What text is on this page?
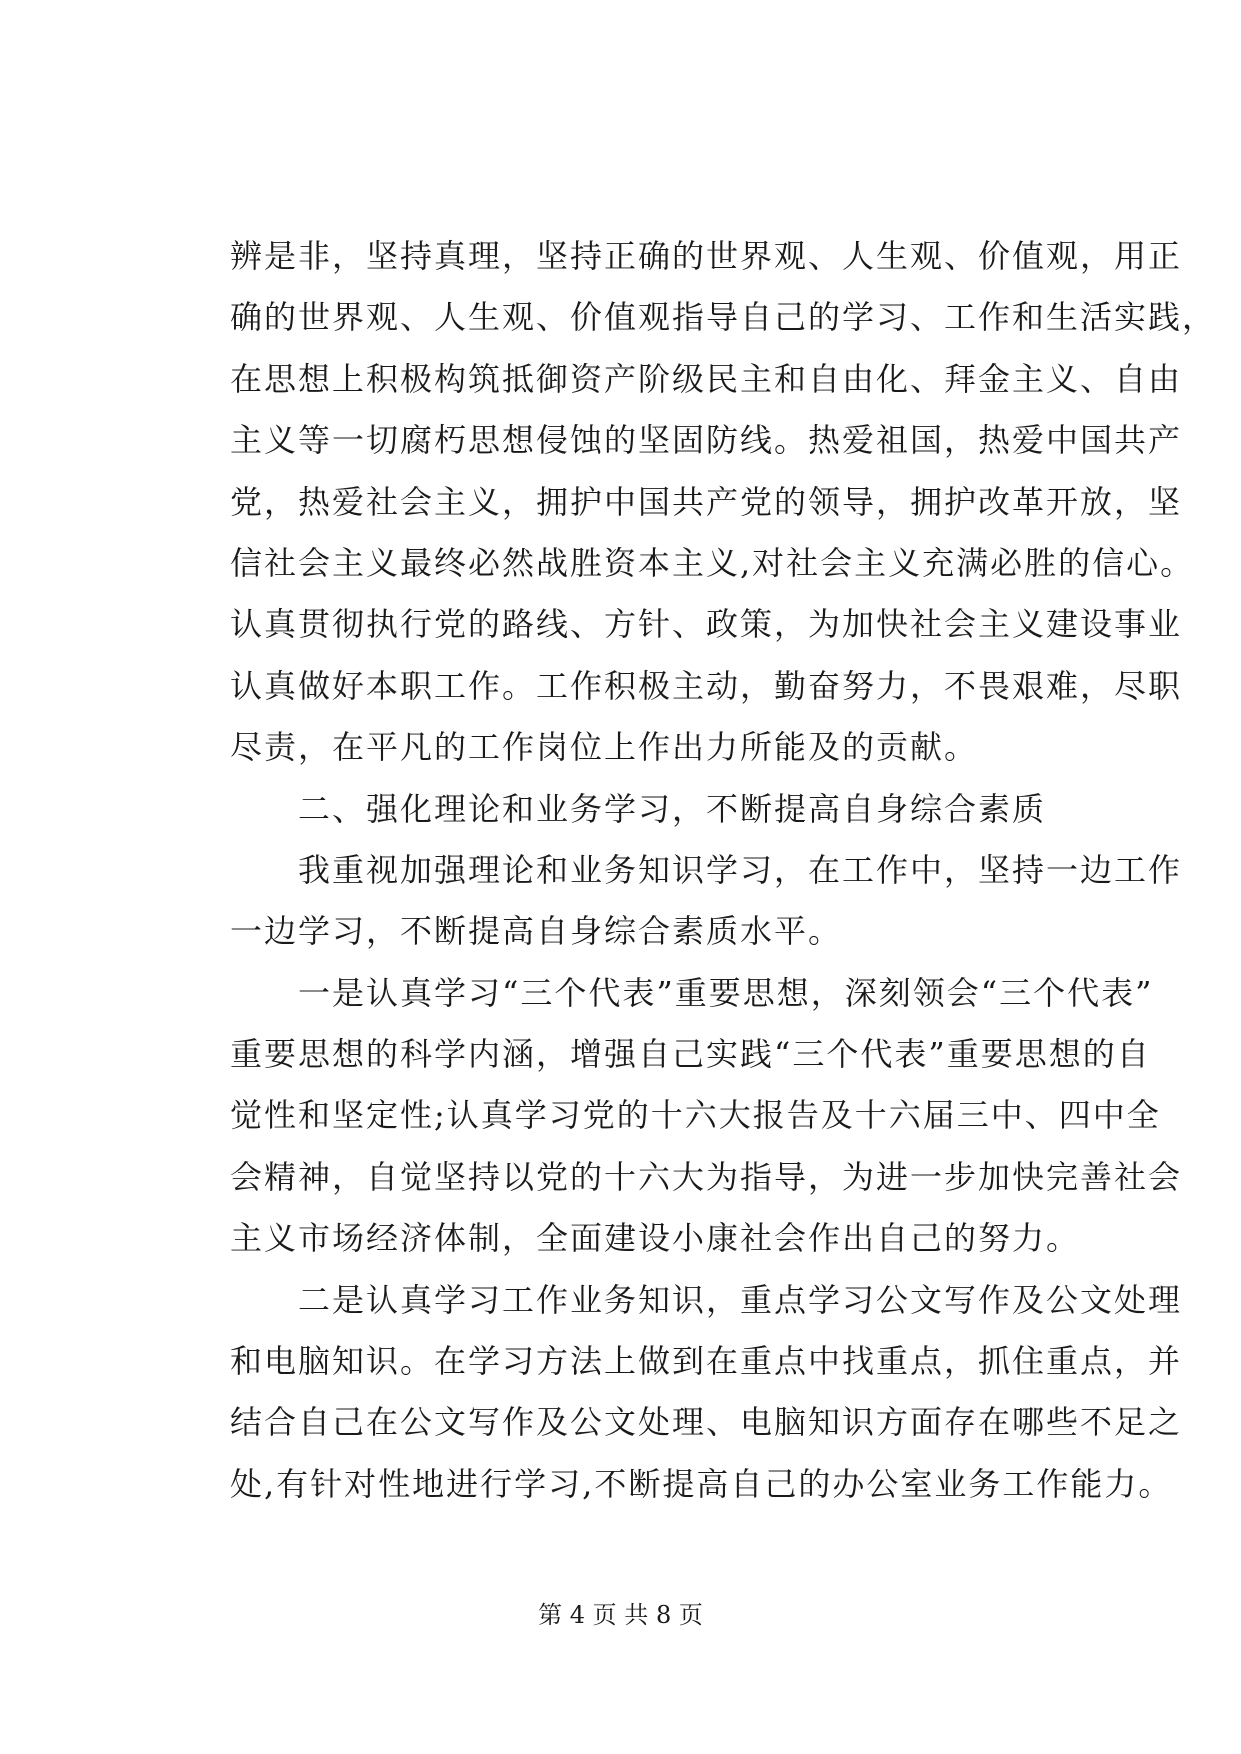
辨是非，坚持真理，坚持正确的世界观、人生观、价值观，用正
确的世界观、人生观、价值观指导自己的学习、工作和生活实践，
在思想上积极构筑抵御资产阶级民主和自由化、拜金主义、自由
主义等一切腐朽思想侵蚀的坚固防线。热爱祖国，热爱中国共产
党，热爱社会主义，拥护中国共产党的领导，拥护改革开放，坚
信社会主义最终必然战胜资本主义,对社会主义充满必胜的信心。
认真贯彻执行党的路线、方针、政策，为加快社会主义建设事业
认真做好本职工作。工作积极主动，勤奋努力，不畏艰难，尽职
尽责，在平凡的工作岗位上作出力所能及的贡献。
　　二、强化理论和业务学习，不断提高自身综合素质
　　我重视加强理论和业务知识学习，在工作中，坚持一边工作
一边学习，不断提高自身综合素质水平。
　　一是认真学习“三个代表”重要思想，深刻领会“三个代表”
重要思想的科学内涵，增强自己实践“三个代表”重要思想的自
觉性和坚定性;认真学习党的十六大报告及十六届三中、四中全
会精神，自觉坚持以党的十六大为指导，为进一步加快完善社会
主义市场经济体制，全面建设小康社会作出自己的努力。
　　二是认真学习工作业务知识，重点学习公文写作及公文处理
和电脑知识。在学习方法上做到在重点中找重点，抓住重点，并
结合自己在公文写作及公文处理、电脑知识方面存在哪些不足之
处,有针对性地进行学习,不断提高自己的办公室业务工作能力。
第 4 页 共 8 页
